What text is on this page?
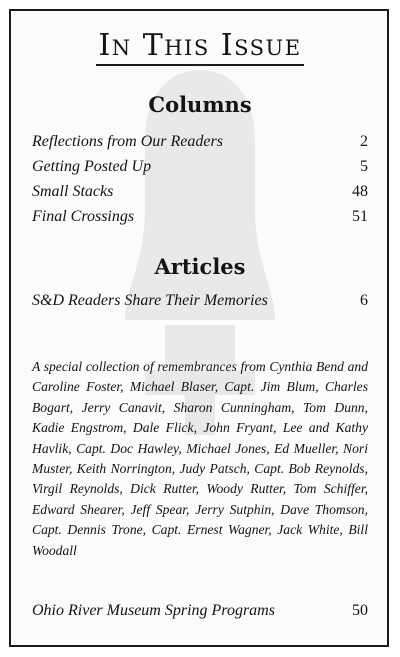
In This Issue
Columns
Reflections from Our Readers	2
Getting Posted Up	5
Small Stacks	48
Final Crossings	51
Articles
S&D Readers Share Their Memories	6
A special collection of remembrances from Cynthia Bend and Caroline Foster, Michael Blaser, Capt. Jim Blum, Charles Bogart, Jerry Canavit, Sharon Cunningham, Tom Dunn, Kadie Engstrom, Dale Flick, John Fryant, Lee and Kathy Havlik, Capt. Doc Hawley, Michael Jones, Ed Mueller, Nori Muster, Keith Norrington, Judy Patsch, Capt. Bob Reynolds, Virgil Reynolds, Dick Rutter, Woody Rutter, Tom Schiffer, Edward Shearer, Jeff Spear, Jerry Sutphin, Dave Thomson, Capt. Dennis Trone, Capt. Ernest Wagner, Jack White, Bill Woodall
Ohio River Museum Spring Programs	50
